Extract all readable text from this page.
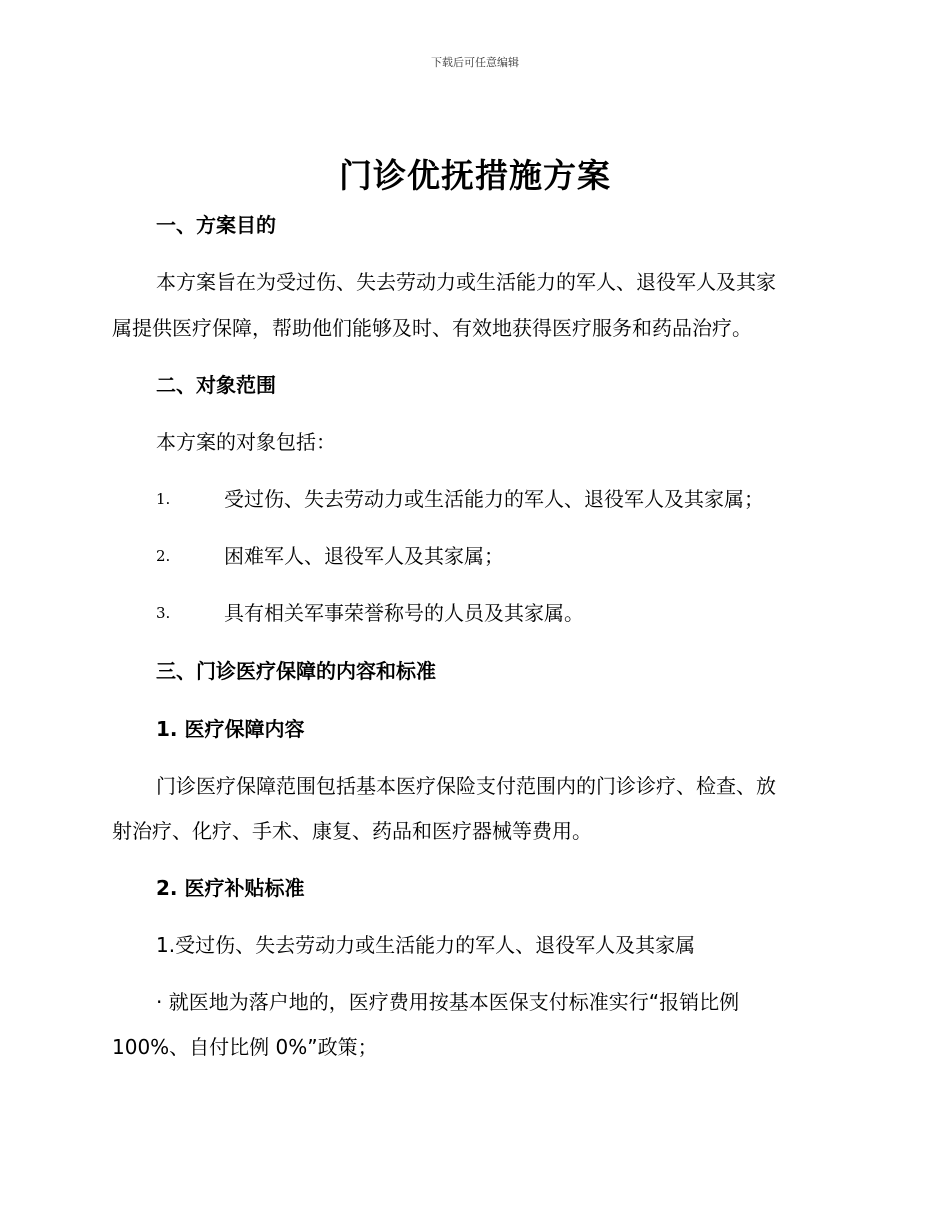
下载后可任意编辑
门诊优抚措施方案
一、方案目的
本方案旨在为受过伤、失去劳动力或生活能力的军人、退役军人及其家
属提供医疗保障，帮助他们能够及时、有效地获得医疗服务和药品治疗。
二、对象范围
本方案的对象包括：
1.	受过伤、失去劳动力或生活能力的军人、退役军人及其家属；
2.	困难军人、退役军人及其家属；
3.	具有相关军事荣誉称号的人员及其家属。
三、门诊医疗保障的内容和标准
1. 医疗保障内容
门诊医疗保障范围包括基本医疗保险支付范围内的门诊诊疗、检查、放
射治疗、化疗、手术、康复、药品和医疗器械等费用。
2. 医疗补贴标准
1.受过伤、失去劳动力或生活能力的军人、退役军人及其家属
· 就医地为落户地的，医疗费用按基本医保支付标准实行“报销比例
100%、自付比例 0%”政策；
